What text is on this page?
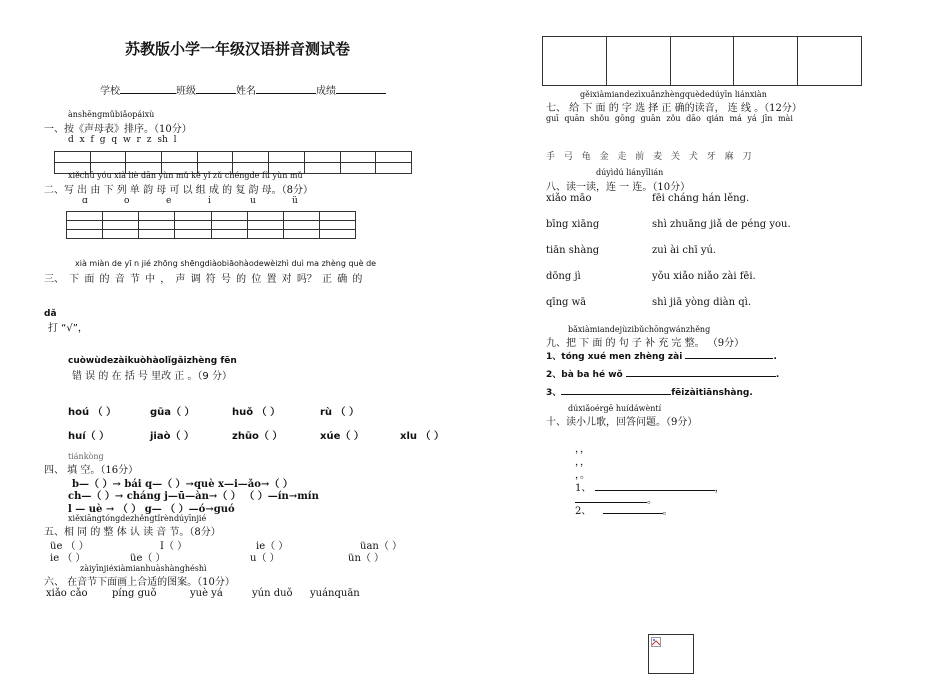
苏教版小学一年级汉语拼音测试卷
学校	班级	姓名	成绩
ànshēngmǔbiǎopáixù
一、按《声母表》排序。（10分）
d x f g q w r z sh l

xiěchū yóu xià liè dān yùn mǔ kě yǐ zǔ chéngde fù yùn mǔ
二、写 出 由 下 列 单 韵 母 可 以 组 成 的 复 韵 母。（8分）
ɑ	o	e	i	u	ü

xià miàn de yī n jié zhōng shēngdiàobiāohàodewèizhì duì ma zhèng què de
三、 下 面 的 音 节 中 ， 声 调 符 号 的 位 置 对 吗？ 正 确 的
dǎ
打 “√”，
cuòwùdezàikuòhàolǐgǎizhèng fēn
错 误 的 在 括 号 里改 正 。（9 分）
hoú （ ）	gūa（ ）	huǒ （ ）	rù （ ）
huí（ ）	jiaò（ ）	zhūo（ ）	xúe（ ）	xlu （ ）
tiánkòng
四、 填 空。（16分）
b—（ ）→ bái q—（ ）→què x—i—ǎo→（ ）
ch—（ ）→ cháng j—ū—àn→（ ） （ ）—ín→mín
l — uè → （ ） g— （ ）—ó→guó
xiěxiāngtóngdezhěngtǐrèndúyīnjié
五、相 同 的 整 体 认 读 音 节。（8分）
üe （ ）	I（ ）	ie（ ）	üan（ ）
ie （ ）	üe（ ）	u（ ）	ün（ ）
zàiyīnjiéxiàmianhuàshànghéshì
六、 在音节下面画上合适的图案。（10分）
xiǎo cǎo píng guǒ	yuè yá	yún duǒ yuánquān

gěixiàmiandezìxuǎnzhèngquèdedúyīn liánxiàn
七、 给 下 面 的 字 选 择 正 确的读音， 连 线 。（12分）
guī quān shǒu gōng guān zǒu dāo qián má yá jīn mài
手 弓 龟 金 走 前 麦 关 犬 牙 麻 刀
dúyìdú liányīlián
八、读一读，连 一 连。（10分）
xiǎo māo	fēi cháng hán lěng.
bīng xiāng	shì zhuāng jiǎ de péng you.
tiān shàng	zuì ài chī yú.
dōng jì	yǒu xiǎo niǎo zài fēi.
qīng wā	shì jiā yòng diàn qì.
bǎxiàmiandejùzibǔchōngwánzhěng
九、把 下 面 的 句 子 补 充 完 整。 （9分）
1、tóng xué men zhèng zài	.
2、bà ba hé wǒ	.
3、	fēizàitiānshàng.
dúxiǎoérgē huídáwèntí
十、读小儿歌，回答问题。（9分）
，，
，，
，。
1、	，
。
2、	。
